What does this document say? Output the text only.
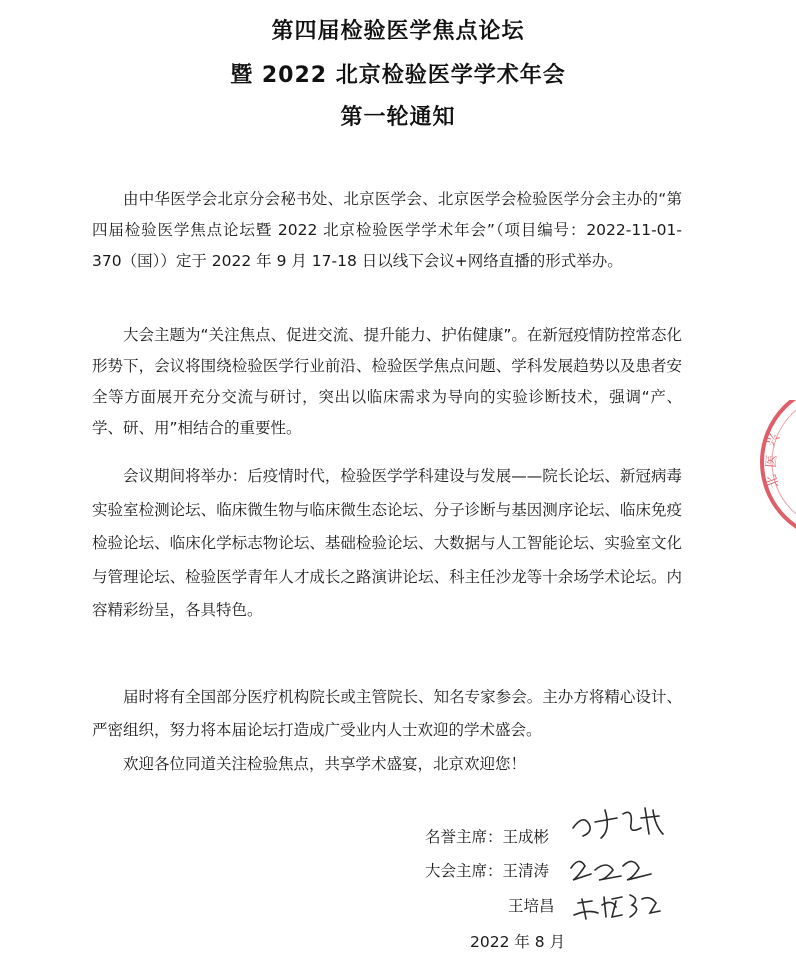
第四届检验医学焦点论坛
暨 2022 北京检验医学学术年会
第一轮通知

由中华医学会北京分会秘书处、北京医学会、北京医学会检验医学分会主办的“第四届检验医学焦点论坛暨 2022 北京检验医学学术年会”（项目编号：2022-11-01-370（国））定于 2022 年 9 月 17-18 日以线下会议+网络直播的形式举办。

大会主题为“关注焦点、促进交流、提升能力、护佑健康”。在新冠疫情防控常态化形势下，会议将围绕检验医学行业前沿、检验医学焦点问题、学科发展趋势以及患者安全等方面展开充分交流与研讨，突出以临床需求为导向的实验诊断技术，强调“产、学、研、用”相结合的重要性。

会议期间将举办：后疫情时代，检验医学学科建设与发展——院长论坛、新冠病毒实验室检测论坛、临床微生物与临床微生态论坛、分子诊断与基因测序论坛、临床免疫检验论坛、临床化学标志物论坛、基础检验论坛、大数据与人工智能论坛、实验室文化与管理论坛、检验医学青年人才成长之路演讲论坛、科主任沙龙等十余场学术论坛。内容精彩纷呈，各具特色。

届时将有全国部分医疗机构院长或主管院长、知名专家参会。主办方将精心设计、严密组织，努力将本届论坛打造成广受业内人士欢迎的学术盛会。

欢迎各位同道关注检验焦点，共享学术盛宴，北京欢迎您！

名誉主席：王成彬
大会主席：王清涛
王培昌
2022 年 8 月
兴
医
北
